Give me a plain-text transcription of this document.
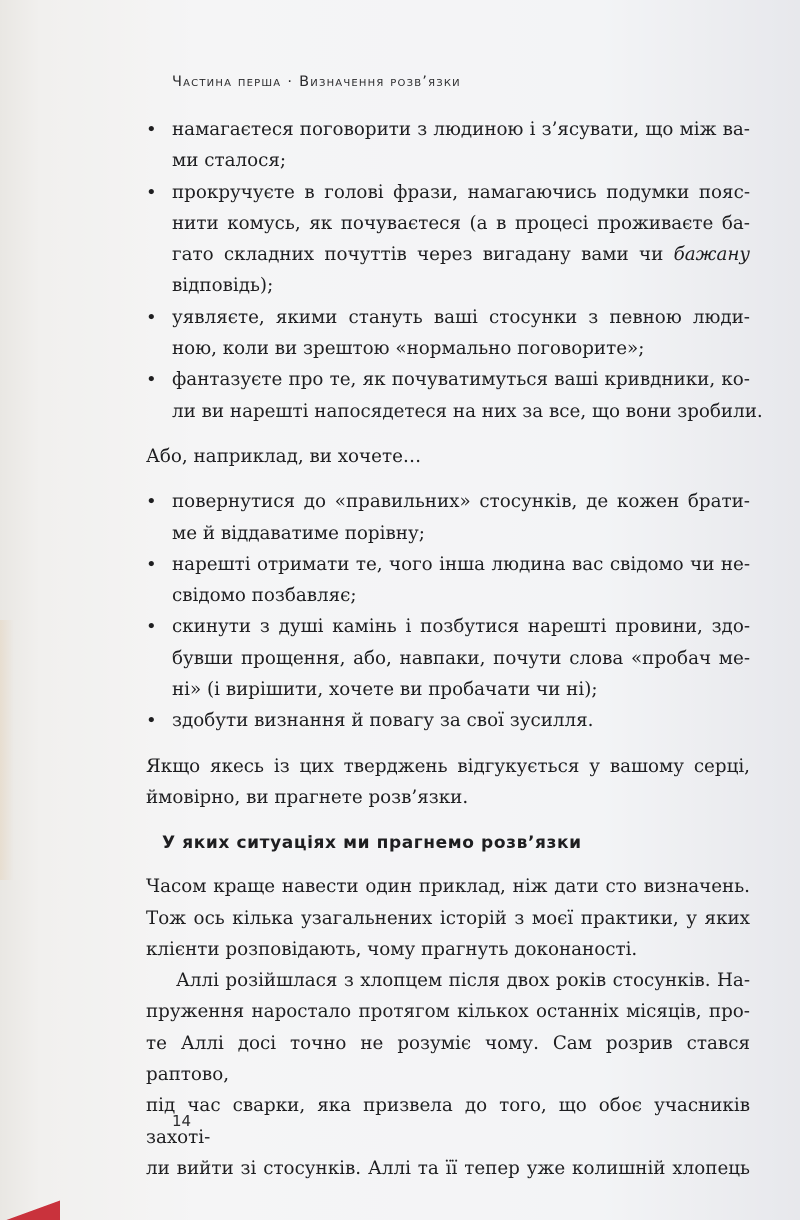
Частина перша · Визначення розв’язки
• намагаєтеся поговорити з людиною і з’ясувати, що між ва-
ми сталося;
• прокручуєте в голові фрази, намагаючись подумки пояс-
нити комусь, як почуваєтеся (а в процесі проживаєте ба-
гато складних почуттів через вигадану вами чи бажану
відповідь);
• уявляєте, якими стануть ваші стосунки з певною люди-
ною, коли ви зрештою «нормально поговорите»;
• фантазуєте про те, як почуватимуться ваші кривдники, ко-
ли ви нарешті напосядетеся на них за все, що вони зробили.

Або, наприклад, ви хочете…

• повернутися до «правильних» стосунків, де кожен брати-
ме й віддаватиме порівну;
• нарешті отримати те, чого інша людина вас свідомо чи не-
свідомо позбавляє;
• скинути з душі камінь і позбутися нарешті провини, здо-
бувши прощення, або, навпаки, почути слова «пробач ме-
ні» (і вирішити, хочете ви пробачати чи ні);
• здобути визнання й повагу за свої зусилля.

Якщо якесь із цих тверджень відгукується у вашому серці,
ймовірно, ви прагнете розв’язки.

У яких ситуаціях ми прагнемо розв’язки

Часом краще навести один приклад, ніж дати сто визначень.
Тож ось кілька узагальнених історій з моєї практики, у яких
клієнти розповідають, чому прагнуть доконаності.

Аллі розійшлася з хлопцем після двох років стосунків. На-
пруження наростало протягом кількох останніх місяців, про-
те Аллі досі точно не розуміє чому. Сам розрив стався раптово,
під час сварки, яка призвела до того, що обоє учасників захоті-
ли вийти зі стосунків. Аллі та її тепер уже колишній хлопець

14
